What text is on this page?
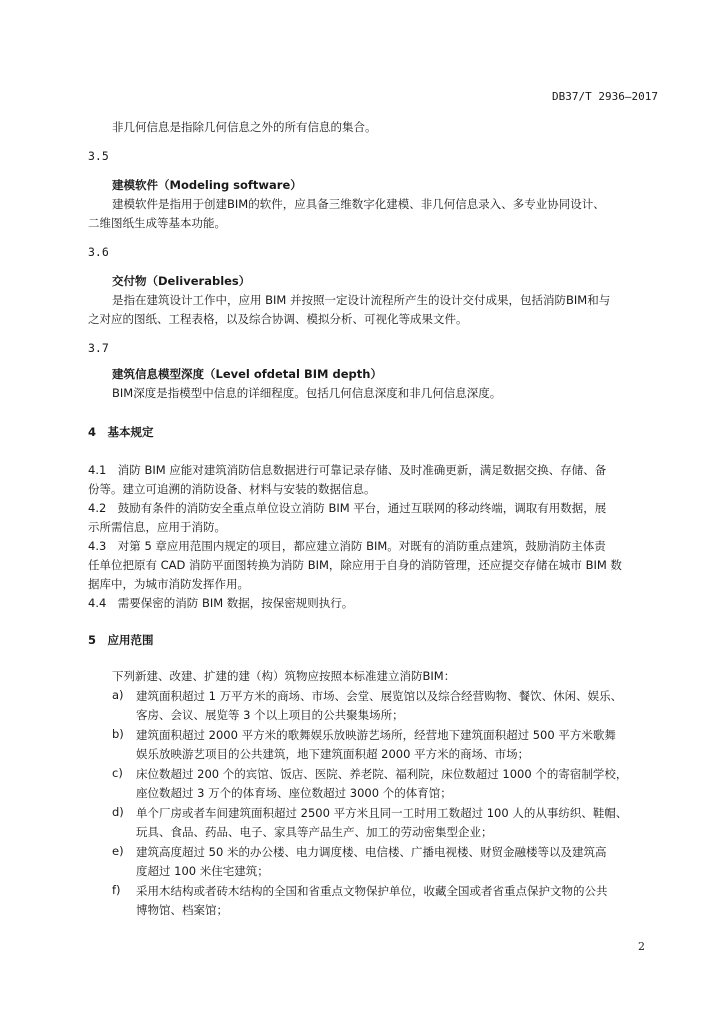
DB37/T 2936—2017
非几何信息是指除几何信息之外的所有信息的集合。
3.5
建模软件（Modeling software）
建模软件是指用于创建BIM的软件，应具备三维数字化建模、非几何信息录入、多专业协同设计、
二维图纸生成等基本功能。
3.6
交付物（Deliverables）
是指在建筑设计工作中，应用 BIM 并按照一定设计流程所产生的设计交付成果，包括消防BIM和与
之对应的图纸、工程表格，以及综合协调、模拟分析、可视化等成果文件。
3.7
建筑信息模型深度（Level ofdetal BIM depth）
BIM深度是指模型中信息的详细程度。包括几何信息深度和非几何信息深度。
4　基本规定
4.1　消防 BIM 应能对建筑消防信息数据进行可靠记录存储、及时准确更新，满足数据交换、存储、备
份等。建立可追溯的消防设备、材料与安装的数据信息。
4.2　鼓励有条件的消防安全重点单位设立消防 BIM 平台，通过互联网的移动终端，调取有用数据，展
示所需信息，应用于消防。
4.3　对第 5 章应用范围内规定的项目，都应建立消防 BIM。对既有的消防重点建筑，鼓励消防主体责
任单位把原有 CAD 消防平面图转换为消防 BIM，除应用于自身的消防管理，还应提交存储在城市 BIM 数
据库中，为城市消防发挥作用。
4.4　需要保密的消防 BIM 数据，按保密规则执行。
5　应用范围
下列新建、改建、扩建的建（构）筑物应按照本标准建立消防BIM：
a) 建筑面积超过 1 万平方米的商场、市场、会堂、展览馆以及综合经营购物、餐饮、休闲、娱乐、
客房、会议、展览等 3 个以上项目的公共聚集场所；
b) 建筑面积超过 2000 平方米的歌舞娱乐放映游艺场所，经营地下建筑面积超过 500 平方米歌舞
娱乐放映游艺项目的公共建筑，地下建筑面积超 2000 平方米的商场、市场；
c) 床位数超过 200 个的宾馆、饭店、医院、养老院、福利院，床位数超过 1000 个的寄宿制学校，
座位数超过 3 万个的体育场、座位数超过 3000 个的体育馆；
d) 单个厂房或者车间建筑面积超过 2500 平方米且同一工时用工数超过 100 人的从事纺织、鞋帽、
玩具、食品、药品、电子、家具等产品生产、加工的劳动密集型企业；
e) 建筑高度超过 50 米的办公楼、电力调度楼、电信楼、广播电视楼、财贸金融楼等以及建筑高
度超过 100 米住宅建筑；
f) 采用木结构或者砖木结构的全国和省重点文物保护单位，收藏全国或者省重点保护文物的公共
博物馆、档案馆；
2
